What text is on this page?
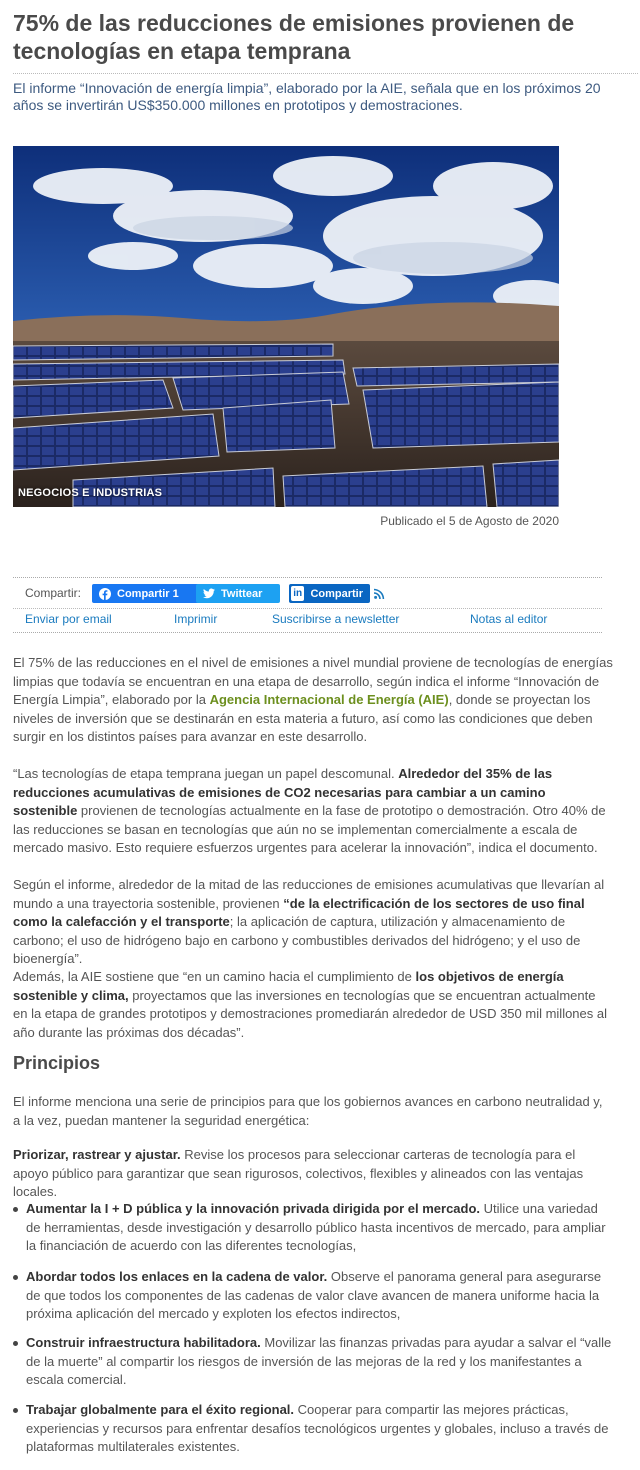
75% de las reducciones de emisiones provienen de tecnologías en etapa temprana

El informe “Innovación de energía limpia”, elaborado por la AIE, señala que en los próximos 20 años se invertirán US$350.000 millones en prototipos y demostraciones.

NEGOCIOS E INDUSTRIAS

Publicado el 5 de Agosto de 2020

Compartir:	Compartir 1	Twittear	in Compartir
Enviar por email	Imprimir	Suscribirse a newsletter	Notas al editor

El 75% de las reducciones en el nivel de emisiones a nivel mundial proviene de tecnologías de energías limpias que todavía se encuentran en una etapa de desarrollo, según indica el informe “Innovación de Energía Limpia”, elaborado por la Agencia Internacional de Energía (AIE), donde se proyectan los niveles de inversión que se destinarán en esta materia a futuro, así como las condiciones que deben surgir en los distintos países para avanzar en este desarrollo.

“Las tecnologías de etapa temprana juegan un papel descomunal. Alrededor del 35% de las reducciones acumulativas de emisiones de CO2 necesarias para cambiar a un camino sostenible provienen de tecnologías actualmente en la fase de prototipo o demostración. Otro 40% de las reducciones se basan en tecnologías que aún no se implementan comercialmente a escala de mercado masivo. Esto requiere esfuerzos urgentes para acelerar la innovación”, indica el documento.

Según el informe, alrededor de la mitad de las reducciones de emisiones acumulativas que llevarían al mundo a una trayectoria sostenible, provienen “de la electrificación de los sectores de uso final como la calefacción y el transporte; la aplicación de captura, utilización y almacenamiento de carbono; el uso de hidrógeno bajo en carbono y combustibles derivados del hidrógeno; y el uso de bioenergía”.

Además, la AIE sostiene que “en un camino hacia el cumplimiento de los objetivos de energía sostenible y clima, proyectamos que las inversiones en tecnologías que se encuentran actualmente en la etapa de grandes prototipos y demostraciones promediarán alrededor de USD 350 mil millones al año durante las próximas dos décadas”.

Principios

El informe menciona una serie de principios para que los gobiernos avances en carbono neutralidad y, a la vez, puedan mantener la seguridad energética:

Priorizar, rastrear y ajustar. Revise los procesos para seleccionar carteras de tecnología para el apoyo público para garantizar que sean rigurosos, colectivos, flexibles y alineados con las ventajas locales.

Aumentar la I + D pública y la innovación privada dirigida por el mercado. Utilice una variedad de herramientas, desde investigación y desarrollo público hasta incentivos de mercado, para ampliar la financiación de acuerdo con las diferentes tecnologías,
Abordar todos los enlaces en la cadena de valor. Observe el panorama general para asegurarse de que todos los componentes de las cadenas de valor clave avancen de manera uniforme hacia la próxima aplicación del mercado y exploten los efectos indirectos,
Construir infraestructura habilitadora. Movilizar las finanzas privadas para ayudar a salvar el “valle de la muerte” al compartir los riesgos de inversión de las mejoras de la red y los manifestantes a escala comercial.
Trabajar globalmente para el éxito regional. Cooperar para compartir las mejores prácticas, experiencias y recursos para enfrentar desafíos tecnológicos urgentes y globales, incluso a través de plataformas multilaterales existentes.
